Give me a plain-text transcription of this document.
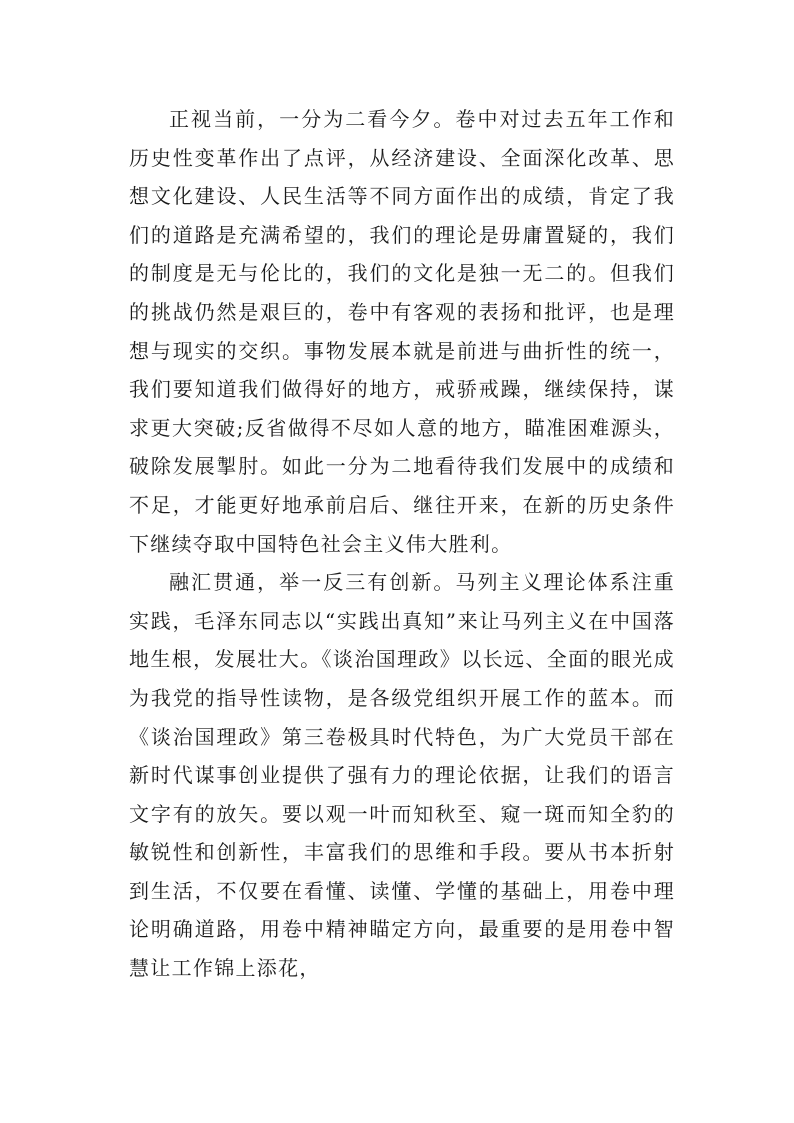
正视当前，一分为二看今夕。卷中对过去五年工作和历史性变革作出了点评，从经济建设、全面深化改革、思想文化建设、人民生活等不同方面作出的成绩，肯定了我们的道路是充满希望的，我们的理论是毋庸置疑的，我们的制度是无与伦比的，我们的文化是独一无二的。但我们的挑战仍然是艰巨的，卷中有客观的表扬和批评，也是理想与现实的交织。事物发展本就是前进与曲折性的统一，我们要知道我们做得好的地方，戒骄戒躁，继续保持，谋求更大突破;反省做得不尽如人意的地方，瞄准困难源头，破除发展掣肘。如此一分为二地看待我们发展中的成绩和不足，才能更好地承前启后、继往开来，在新的历史条件下继续夺取中国特色社会主义伟大胜利。

融汇贯通，举一反三有创新。马列主义理论体系注重实践，毛泽东同志以“实践出真知”来让马列主义在中国落地生根，发展壮大。《谈治国理政》以长远、全面的眼光成为我党的指导性读物，是各级党组织开展工作的蓝本。而《谈治国理政》第三卷极具时代特色，为广大党员干部在新时代谋事创业提供了强有力的理论依据，让我们的语言文字有的放矢。要以观一叶而知秋至、窥一斑而知全豹的敏锐性和创新性，丰富我们的思维和手段。要从书本折射到生活，不仅要在看懂、读懂、学懂的基础上，用卷中理论明确道路，用卷中精神瞄定方向，最重要的是用卷中智慧让工作锦上添花，
